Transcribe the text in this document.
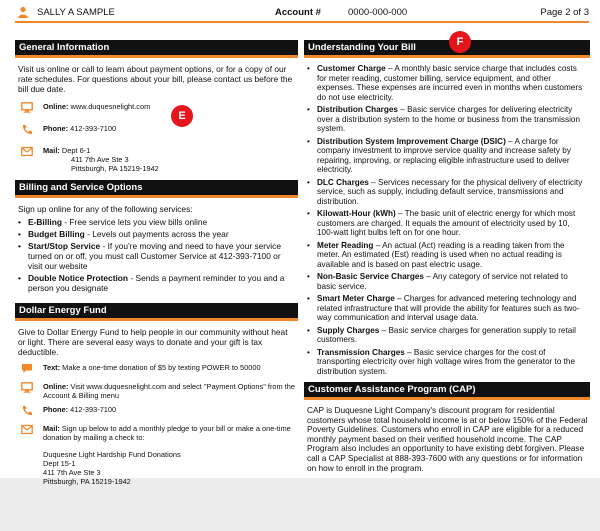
SALLY A SAMPLE	Account #	0000-000-000	Page 2 of 3
General Information
Visit us online or call to learn about payment options, or for a copy of our rate schedules. For questions about your bill, please contact us before the bill due date.
Online: www.duquesnelight.com
Phone: 412-393-7100
Mail: Dept 6-1
411 7th Ave Ste 3
Pittsburgh, PA 15219-1942
Billing and Service Options
Sign up online for any of the following services:
• E-Billing - Free service lets you view bills online
• Budget Billing - Levels out payments across the year
• Start/Stop Service - If you're moving and need to have your service turned on or off, you must call Customer Service at 412-393-7100 or visit our website
• Double Notice Protection - Sends a payment reminder to you and a person you designate
Dollar Energy Fund
Give to Dollar Energy Fund to help people in our community without heat or light. There are several easy ways to donate and your gift is tax deductible.
Text: Make a one-time donation of $5 by texting POWER to 50000
Online: Visit www.duquesnelight.com and select "Payment Options" from the Account & Billing menu
Phone: 412-393-7100
Mail: Sign up below to add a monthly pledge to your bill or make a one-time donation by mailing a check to:
Duquesne Light Hardship Fund Donations
Dept 15-1
411 7th Ave Ste 3
Pittsburgh, PA 15219-1942
Understanding Your Bill
• Customer Charge – A monthly basic service charge that includes costs for meter reading, customer billing, service equipment, and other expenses. These expenses are incurred even in months when customers do not use electricity.
• Distribution Charges – Basic service charges for delivering electricity over a distribution system to the home or business from the transmission system.
• Distribution System Improvement Charge (DSIC) – A charge for company investment to improve service quality and increase safety by repairing, improving, or replacing eligible infrastructure used to deliver electricity.
• DLC Charges – Services necessary for the physical delivery of electricity service, such as supply, including default service, transmissions and distribution.
• Kilowatt-Hour (kWh) – The basic unit of electric energy for which most customers are charged. It equals the amount of electricity used by 10, 100-watt light bulbs left on for one hour.
• Meter Reading – An actual (Act) reading is a reading taken from the meter. An estimated (Est) reading is used when no actual reading is available and is based on past electric usage.
• Non-Basic Service Charges – Any category of service not related to basic service.
• Smart Meter Charge – Charges for advanced metering technology and related infrastructure that will provide the ability for features such as two-way communication and interval usage data.
• Supply Charges – Basic service charges for generation supply to retail customers.
• Transmission Charges – Basic service charges for the cost of transporting electricity over high voltage wires from the generator to the distribution system.
Customer Assistance Program (CAP)
CAP is Duquesne Light Company's discount program for residential customers whose total household income is at or below 150% of the Federal Poverty Guidelines. Customers who enroll in CAP are eligible for a reduced monthly payment based on their verified household income. The CAP Program also includes an opportunity to have existing debt forgiven. Please call a CAP Specialist at 888-393-7600 with any questions or for information on how to enroll in the program.
E
F
